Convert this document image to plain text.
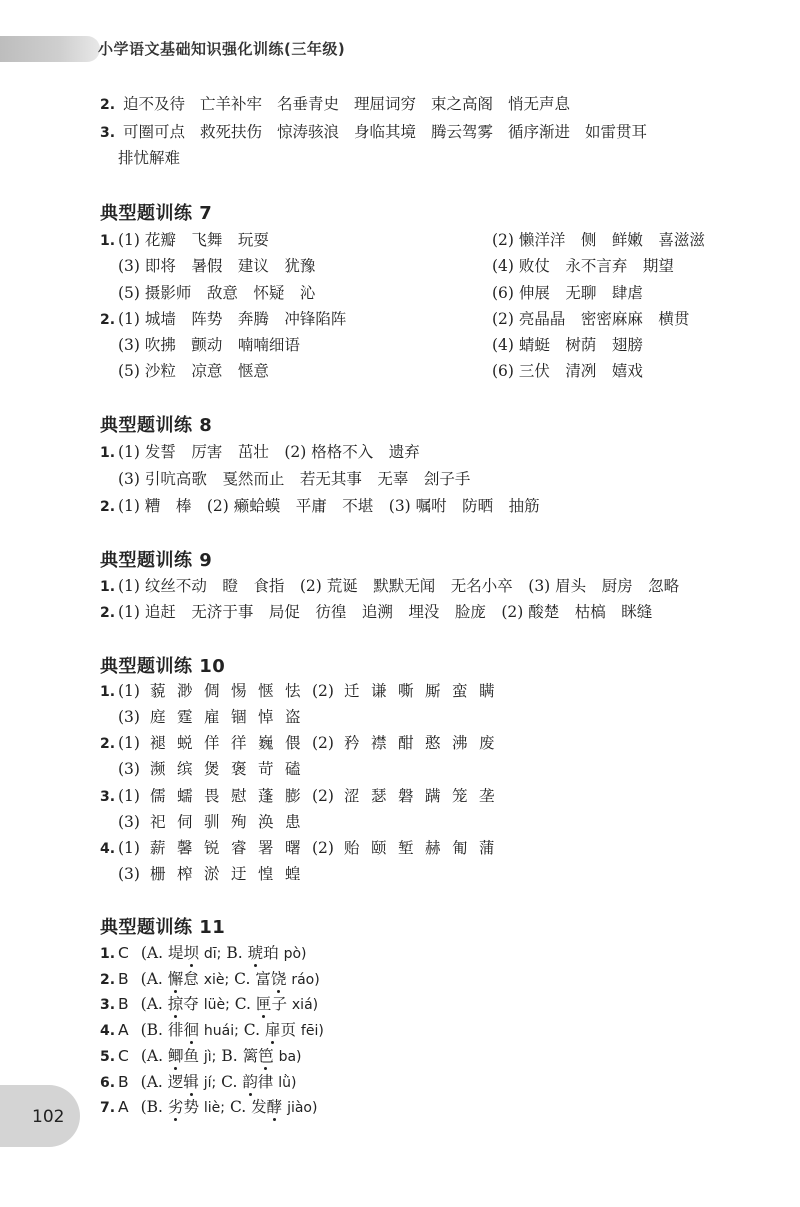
小学语文基础知识强化训练(三年级)
2. 迫不及待 亡羊补牢 名垂青史 理屈词穷 束之高阁 悄无声息
3. 可圈可点 救死扶伤 惊涛骇浪 身临其境 腾云驾雾 循序渐进 如雷贯耳
排忧解难
典型题训练 7
1. (1) 花瓣　飞舞　玩耍	(2) 懒洋洋　侧　鲜嫩　喜滋滋
(3) 即将　暑假　建议　犹豫	(4) 败仗　永不言弃　期望
(5) 摄影师　敌意　怀疑　沁	(6) 伸展　无聊　肆虐
2. (1) 城墙　阵势　奔腾　冲锋陷阵	(2) 亮晶晶　密密麻麻　横贯
(3) 吹拂　颤动　喃喃细语	(4) 蜻蜓　树荫　翅膀
(5) 沙粒　凉意　惬意	(6) 三伏　清冽　嬉戏
典型题训练 8
1. (1) 发誓　厉害　茁壮　(2) 格格不入　遗弃
(3) 引吭高歌　戛然而止　若无其事　无辜　刽子手
2. (1) 糟　棒　(2) 癞蛤蟆　平庸　不堪　(3) 嘱咐　防晒　抽筋
典型题训练 9
1. (1) 纹丝不动　瞪　食指　(2) 荒诞　默默无闻　无名小卒　(3) 眉头　厨房　忽略
2. (1) 追赶　无济于事　局促　彷徨　追溯　埋没　脸庞　(2) 酸楚　枯槁　眯缝
典型题训练 10
1. (1) 藐 渺 倜 惕 惬 怯 (2) 迁 谦 嘶 厮 蛮 瞒
(3) 庭 霆 雇 锢 悼 盗
2. (1) 褪 蜕 佯 徉 巍 偎 (2) 矜 襟 酣 憨 沸 废
(3) 濒 缤 煲 褒 苛 磕
3. (1) 儒 蠕 畏 慰 蓬 膨 (2) 涩 瑟 磐 蹒 笼 垄
(3) 祀 伺 驯 殉 涣 患
4. (1) 薪 馨 锐 睿 署 曙 (2) 贻 颐 堑 赫 匍 蒲
(3) 栅 榨 淤 迂 惶 蝗
典型题训练 11
1. C (A. 堤坝 dī; B. 琥珀 pò)
2. B (A. 懈怠 xiè; C. 富饶 ráo)
3. B (A. 掠夺 lüè; C. 匣子 xiá)
4. A (B. 徘徊 huái; C. 扉页 fēi)
5. C (A. 鲫鱼 jì; B. 篱笆 ba)
6. B (A. 逻辑 jí; C. 韵律 lǜ)
7. A (B. 劣势 liè; C. 发酵 jiào)
102
